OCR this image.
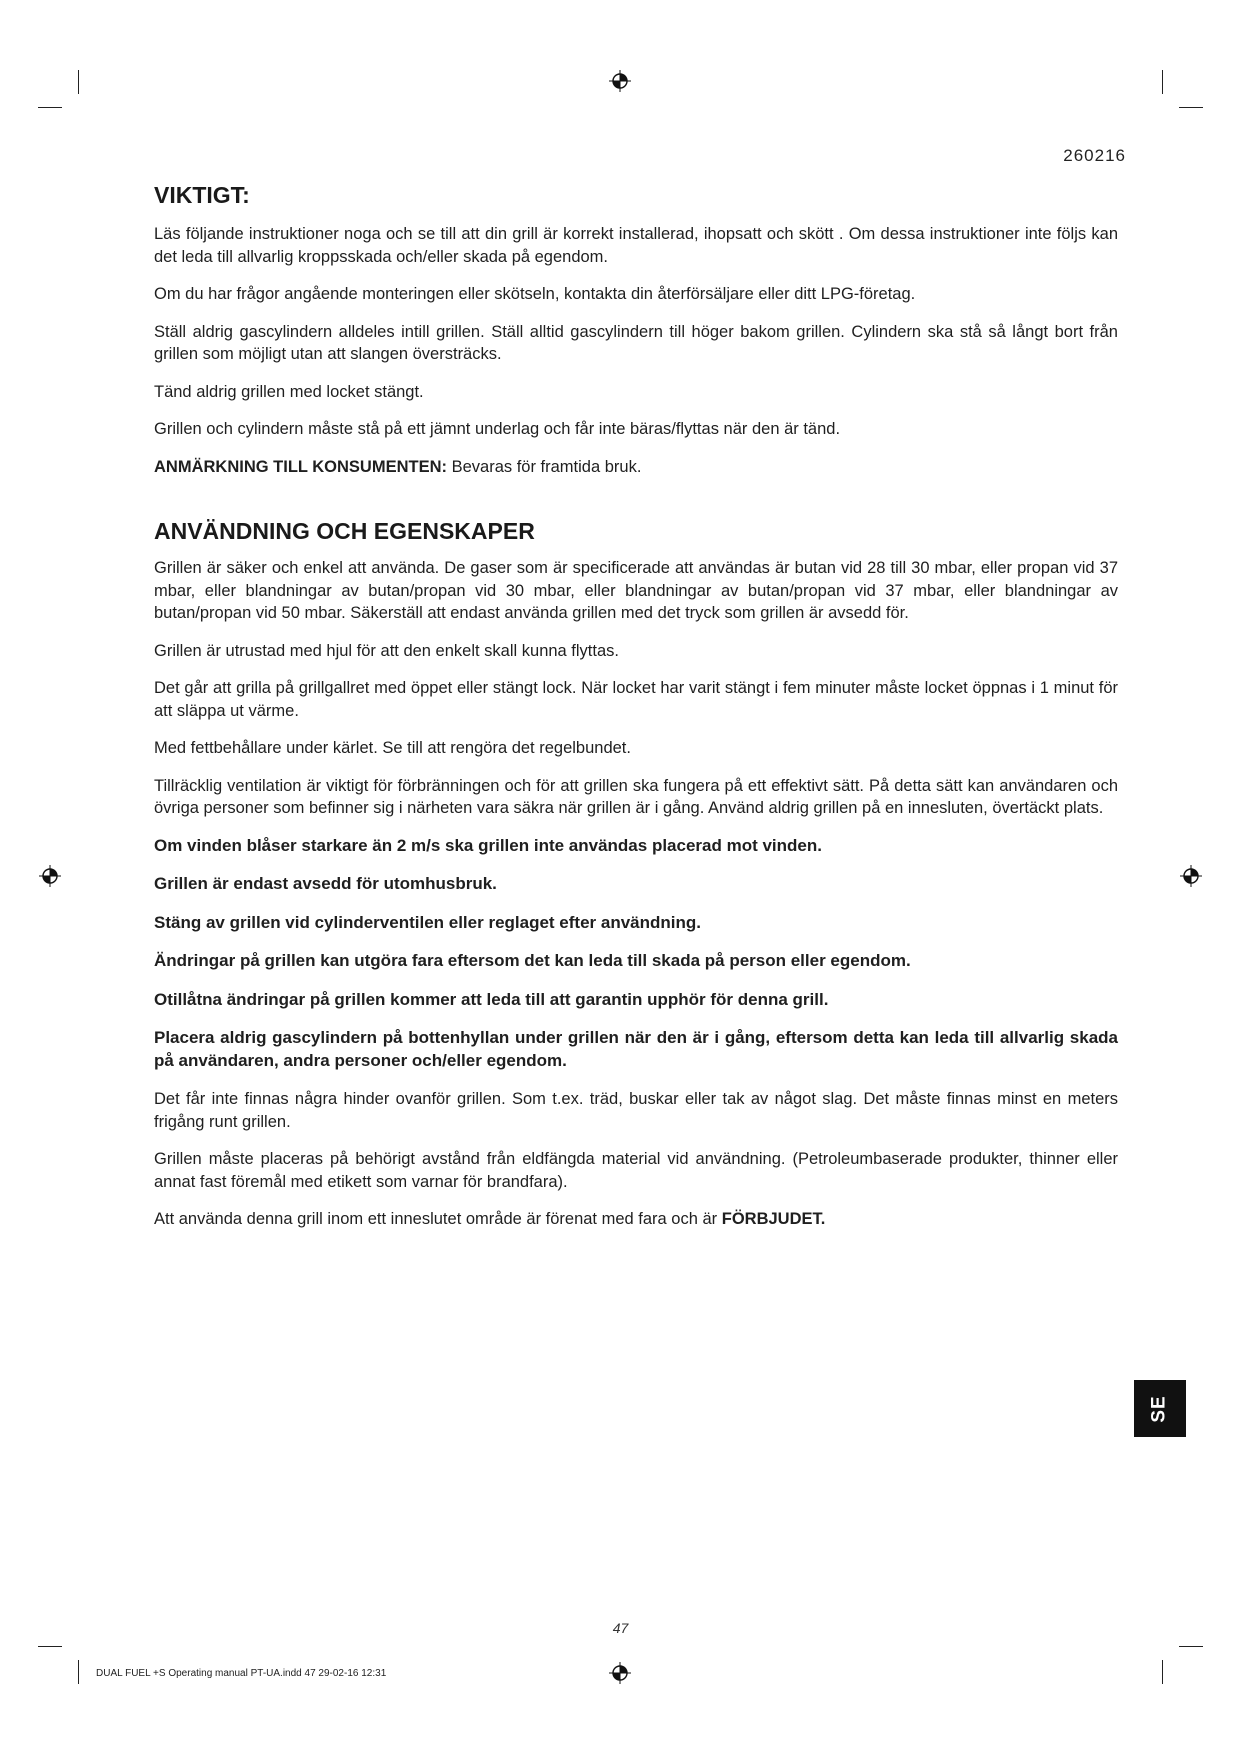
260216
VIKTIGT:

Läs följande instruktioner noga och se till att din grill är korrekt installerad, ihopsatt och skött . Om dessa instruktioner inte följs kan det leda till allvarlig kroppsskada och/eller skada på egendom.

Om du har frågor angående monteringen eller skötseln, kontakta din återförsäljare eller ditt LPG-företag.

Ställ aldrig gascylindern alldeles intill grillen. Ställ alltid gascylindern till höger bakom grillen. Cylindern ska stå så långt bort från grillen som möjligt utan att slangen översträcks.

Tänd aldrig grillen med locket stängt.

Grillen och cylindern måste stå på ett jämnt underlag och får inte bäras/flyttas när den är tänd.

ANMÄRKNING TILL KONSUMENTEN: Bevaras för framtida bruk.

ANVÄNDNING OCH EGENSKAPER

Grillen är säker och enkel att använda. De gaser som är specificerade att användas är butan vid 28 till 30 mbar, eller propan vid 37 mbar, eller blandningar av butan/propan vid 30 mbar, eller blandningar av butan/propan vid 37 mbar, eller blandningar av butan/propan vid 50 mbar. Säkerställ att endast använda grillen med det tryck som grillen är avsedd för.

Grillen är utrustad med hjul för att den enkelt skall kunna flyttas.

Det går att grilla på grillgallret med öppet eller stängt lock. När locket har varit stängt i fem minuter måste locket öppnas i 1 minut för att släppa ut värme.

Med fettbehållare under kärlet. Se till att rengöra det regelbundet.

Tillräcklig ventilation är viktigt för förbränningen och för att grillen ska fungera på ett effektivt sätt. På detta sätt kan användaren och övriga personer som befinner sig i närheten vara säkra när grillen är i gång. Använd aldrig grillen på en innesluten, övertäckt plats.

Om vinden blåser starkare än 2 m/s ska grillen inte användas placerad mot vinden.

Grillen är endast avsedd för utomhusbruk.

Stäng av grillen vid cylinderventilen eller reglaget efter användning.

Ändringar på grillen kan utgöra fara eftersom det kan leda till skada på person eller egendom.

Otillåtna ändringar på grillen kommer att leda till att garantin upphör för denna grill.

Placera aldrig gascylindern på bottenhyllan under grillen när den är i gång, eftersom detta kan leda till allvarlig skada på användaren, andra personer och/eller egendom.

Det får inte finnas några hinder ovanför grillen. Som t.ex. träd, buskar eller tak av något slag. Det måste finnas minst en meters frigång runt grillen.

Grillen måste placeras på behörigt avstånd från eldfängda material vid användning. (Petroleumbaserade produkter, thinner eller annat fast föremål med etikett som varnar för brandfara).

Att använda denna grill inom ett inneslutet område är förenat med fara och är FÖRBJUDET.

SE
47
DUAL FUEL +S Operating manual PT-UA.indd 47 29-02-16 12:31
